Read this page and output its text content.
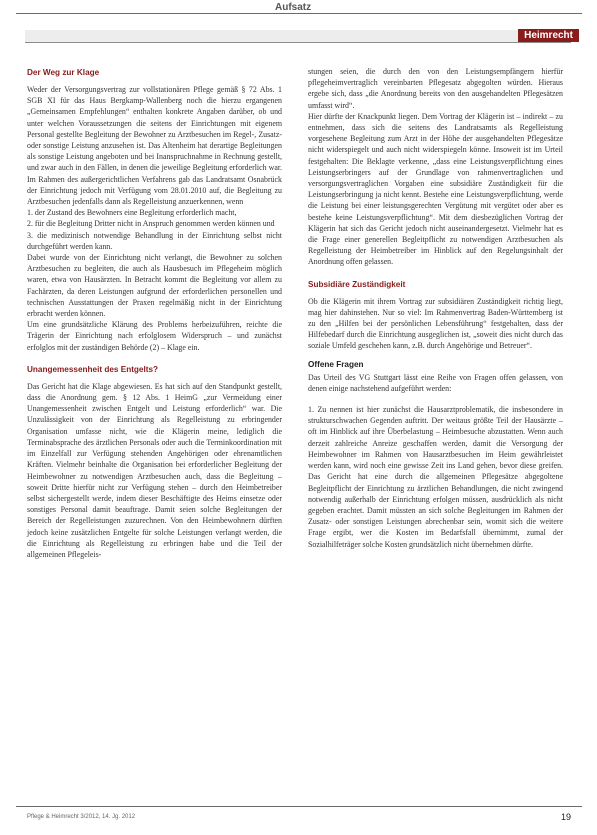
Aufsatz
Heimrecht
Der Weg zur Klage

Weder der Versorgungsvertrag zur vollstationären Pflege gemäß § 72 Abs. 1 SGB XI für das Haus Bergkamp-Wallenberg noch die hierzu ergangenen „Gemeinsamen Empfehlungen“ enthalten konkrete Angaben darüber, ob und unter welchen Voraussetzungen die seitens der Einrichtungen mit eigenem Personal gestellte Begleitung der Bewohner zu Arztbesuchen im Regel-, Zusatz- oder sonstige Leistung anzusehen ist. Das Altenheim hat derartige Begleitungen als sonstige Leistung angeboten und bei Inanspruchnahme in Rechnung gestellt, und zwar auch in den Fällen, in denen die jeweilige Begleitung erforderlich war. Im Rahmen des außergerichtlichen Verfahrens gab das Landratsamt Osnabrück der Einrichtung jedoch mit Verfügung vom 28.01.2010 auf, die Begleitung zu Arztbesuchen jedenfalls dann als Regelleistung anzuerkennen, wenn

1. der Zustand des Bewohners eine Begleitung erforderlich macht,

2. für die Begleitung Dritter nicht in Anspruch genommen werden können und

3. die medizinisch notwendige Behandlung in der Einrichtung selbst nicht durchgeführt werden kann.

Dabei wurde von der Einrichtung nicht verlangt, die Bewohner zu solchen Arztbesuchen zu begleiten, die auch als Hausbesuch im Pflegeheim möglich waren, etwa von Hausärzten. In Betracht kommt die Begleitung vor allem zu Fachärzten, da deren Leistungen aufgrund der erforderlichen personellen und technischen Ausstattungen der Praxen regelmäßig nicht in der Einrichtung erbracht werden können.

Um eine grundsätzliche Klärung des Problems herbeizuführen, reichte die Trägerin der Einrichtung nach erfolglosem Widerspruch – und zunächst erfolglos mit der zuständigen Behörde (2) – Klage ein.

Unangemessenheit des Entgelts?

Das Gericht hat die Klage abgewiesen. Es hat sich auf den Standpunkt gestellt, dass die Anordnung gem. § 12 Abs. 1 HeimG „zur Vermeidung einer Unangemessenheit zwischen Entgelt und Leistung erforderlich“ war. Die Unzulässigkeit von der Einrichtung als Regelleistung zu erbringender Organisation umfasse nicht, wie die Klägerin meine, lediglich die Terminabsprache des ärztlichen Personals oder auch die Terminkoordination mit im Einzelfall zur Verfügung stehenden Angehörigen oder ehrenamtlichen Kräften. Vielmehr beinhalte die Organisation bei erforderlicher Begleitung der Heimbewohner zu notwendigen Arztbesuchen auch, dass die Begleitung – soweit Dritte hierfür nicht zur Verfügung stehen – durch den Heimbetreiber selbst sichergestellt werde, indem dieser Beschäftigte des Heims einsetze oder sonstiges Personal damit beauftrage. Damit seien solche Begleitungen der Bereich der Regelleistungen zuzurechnen. Von den Heimbewohnern dürften jedoch keine zusätzlichen Entgelte für solche Leistungen verlangt werden, die die Einrichtung als Regelleistung zu erbringen habe und die Teil der allgemeinen Pflegeleis-

stungen seien, die durch den von den Leistungsempfängern hierfür pflegeheimvertraglich vereinbarten Pflegesatz abgegolten würden. Hieraus ergebe sich, dass „die Anordnung bereits von den ausgehandelten Pflegesätzen umfasst wird“.

Hier dürfte der Knackpunkt liegen. Dem Vortrag der Klägerin ist – indirekt – zu entnehmen, dass sich die seitens des Landratsamts als Regelleistung vorgesehene Begleitung zum Arzt in der Höhe der ausgehandelten Pflegesätze nicht widerspiegelt und auch nicht widerspiegeln könne. Insoweit ist im Urteil festgehalten: Die Beklagte verkenne, „dass eine Leistungsverpflichtung eines Leistungserbringers auf der Grundlage von rahmenvertraglichen und versorgungsvertraglichen Vorgaben eine subsidiäre Zuständigkeit für die Leistungserbringung ja nicht kennt. Bestehe eine Leistungsverpflichtung, werde die Leistung bei einer leistungsgerechten Vergütung mit vergütet oder aber es bestehe keine Leistungsverpflichtung“. Mit dem diesbezüglichen Vortrag der Klägerin hat sich das Gericht jedoch nicht auseinandergesetzt. Vielmehr hat es die Frage einer generellen Begleitpflicht zu notwendigen Arztbesuchen als Regelleistung der Heimbetreiber im Hinblick auf den Regelungsinhalt der Anordnung offen gelassen.

Subsidiäre Zuständigkeit

Ob die Klägerin mit ihrem Vortrag zur subsidiären Zuständigkeit richtig liegt, mag hier dahinstehen. Nur so viel: Im Rahmenvertrag Baden-Württemberg ist zu den „Hilfen bei der persönlichen Lebensführung“ festgehalten, dass der Hilfebedarf durch die Einrichtung ausgeglichen ist, „soweit dies nicht durch das soziale Umfeld geschehen kann, z.B. durch Angehörige und Betreuer“.

Offene Fragen

Das Urteil des VG Stuttgart lässt eine Reihe von Fragen offen gelassen, von denen einige nachstehend aufgeführt werden:

1. Zu nennen ist hier zunächst die Hausarztproblematik, die insbesondere in strukturschwachen Gegenden auftritt. Der weitaus größte Teil der Hausärzte – oft im Hinblick auf ihre Überbelastung – Heimbesuche abzustatten. Wenn auch derzeit zahlreiche Anreize geschaffen werden, damit die Versorgung der Heimbewohner im Rahmen von Hausarztbesuchen im Heim gewährleistet werden kann, wird noch eine gewisse Zeit ins Land gehen, bevor diese greifen. Das Gericht hat eine durch die allgemeinen Pflegesätze abgegoltene Begleitpflicht der Einrichtung zu ärztlichen Behandlungen, die nicht zwingend notwendig außerhalb der Einrichtung erfolgen müssen, ausdrücklich als nicht gegeben erachtet. Damit müssten an sich solche Begleitungen im Rahmen der Zusatz- oder sonstigen Leistungen abrechenbar sein, womit sich die weitere Frage ergibt, wer die Kosten im Bedarfsfall übernimmt, zumal der Sozialhilfeträger solche Kosten grundsätzlich nicht übernehmen dürfte.

Pflege & Heimrecht 3/2012, 14. Jg. 2012	19
